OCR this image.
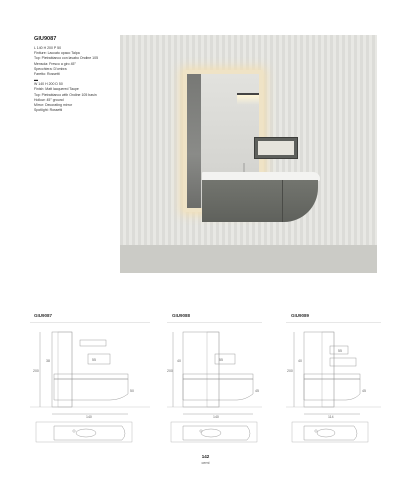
GIU9087
L 140 H 200 P 50
Finiture: Laccato opaco Talpa
Top: Pietrabianco con lavabo Ondine 105
Mensola: Fresco a giro 45°
Specchiera: D'ombra
Faretto: Rossetti
▬
W 140 H 200 D 50
Finish: Matt lacquered Taupe
Top: Pietrabianco with Ondine 105 basin
Hollow: 45° ground
Mirror: Decorating mirror
Spotlight: Rossetti
GIU9087	GIU9088	GIU9089
200
140
55
38
50
200
140
55
40
45
200
114
55
40
45
142
cemi
